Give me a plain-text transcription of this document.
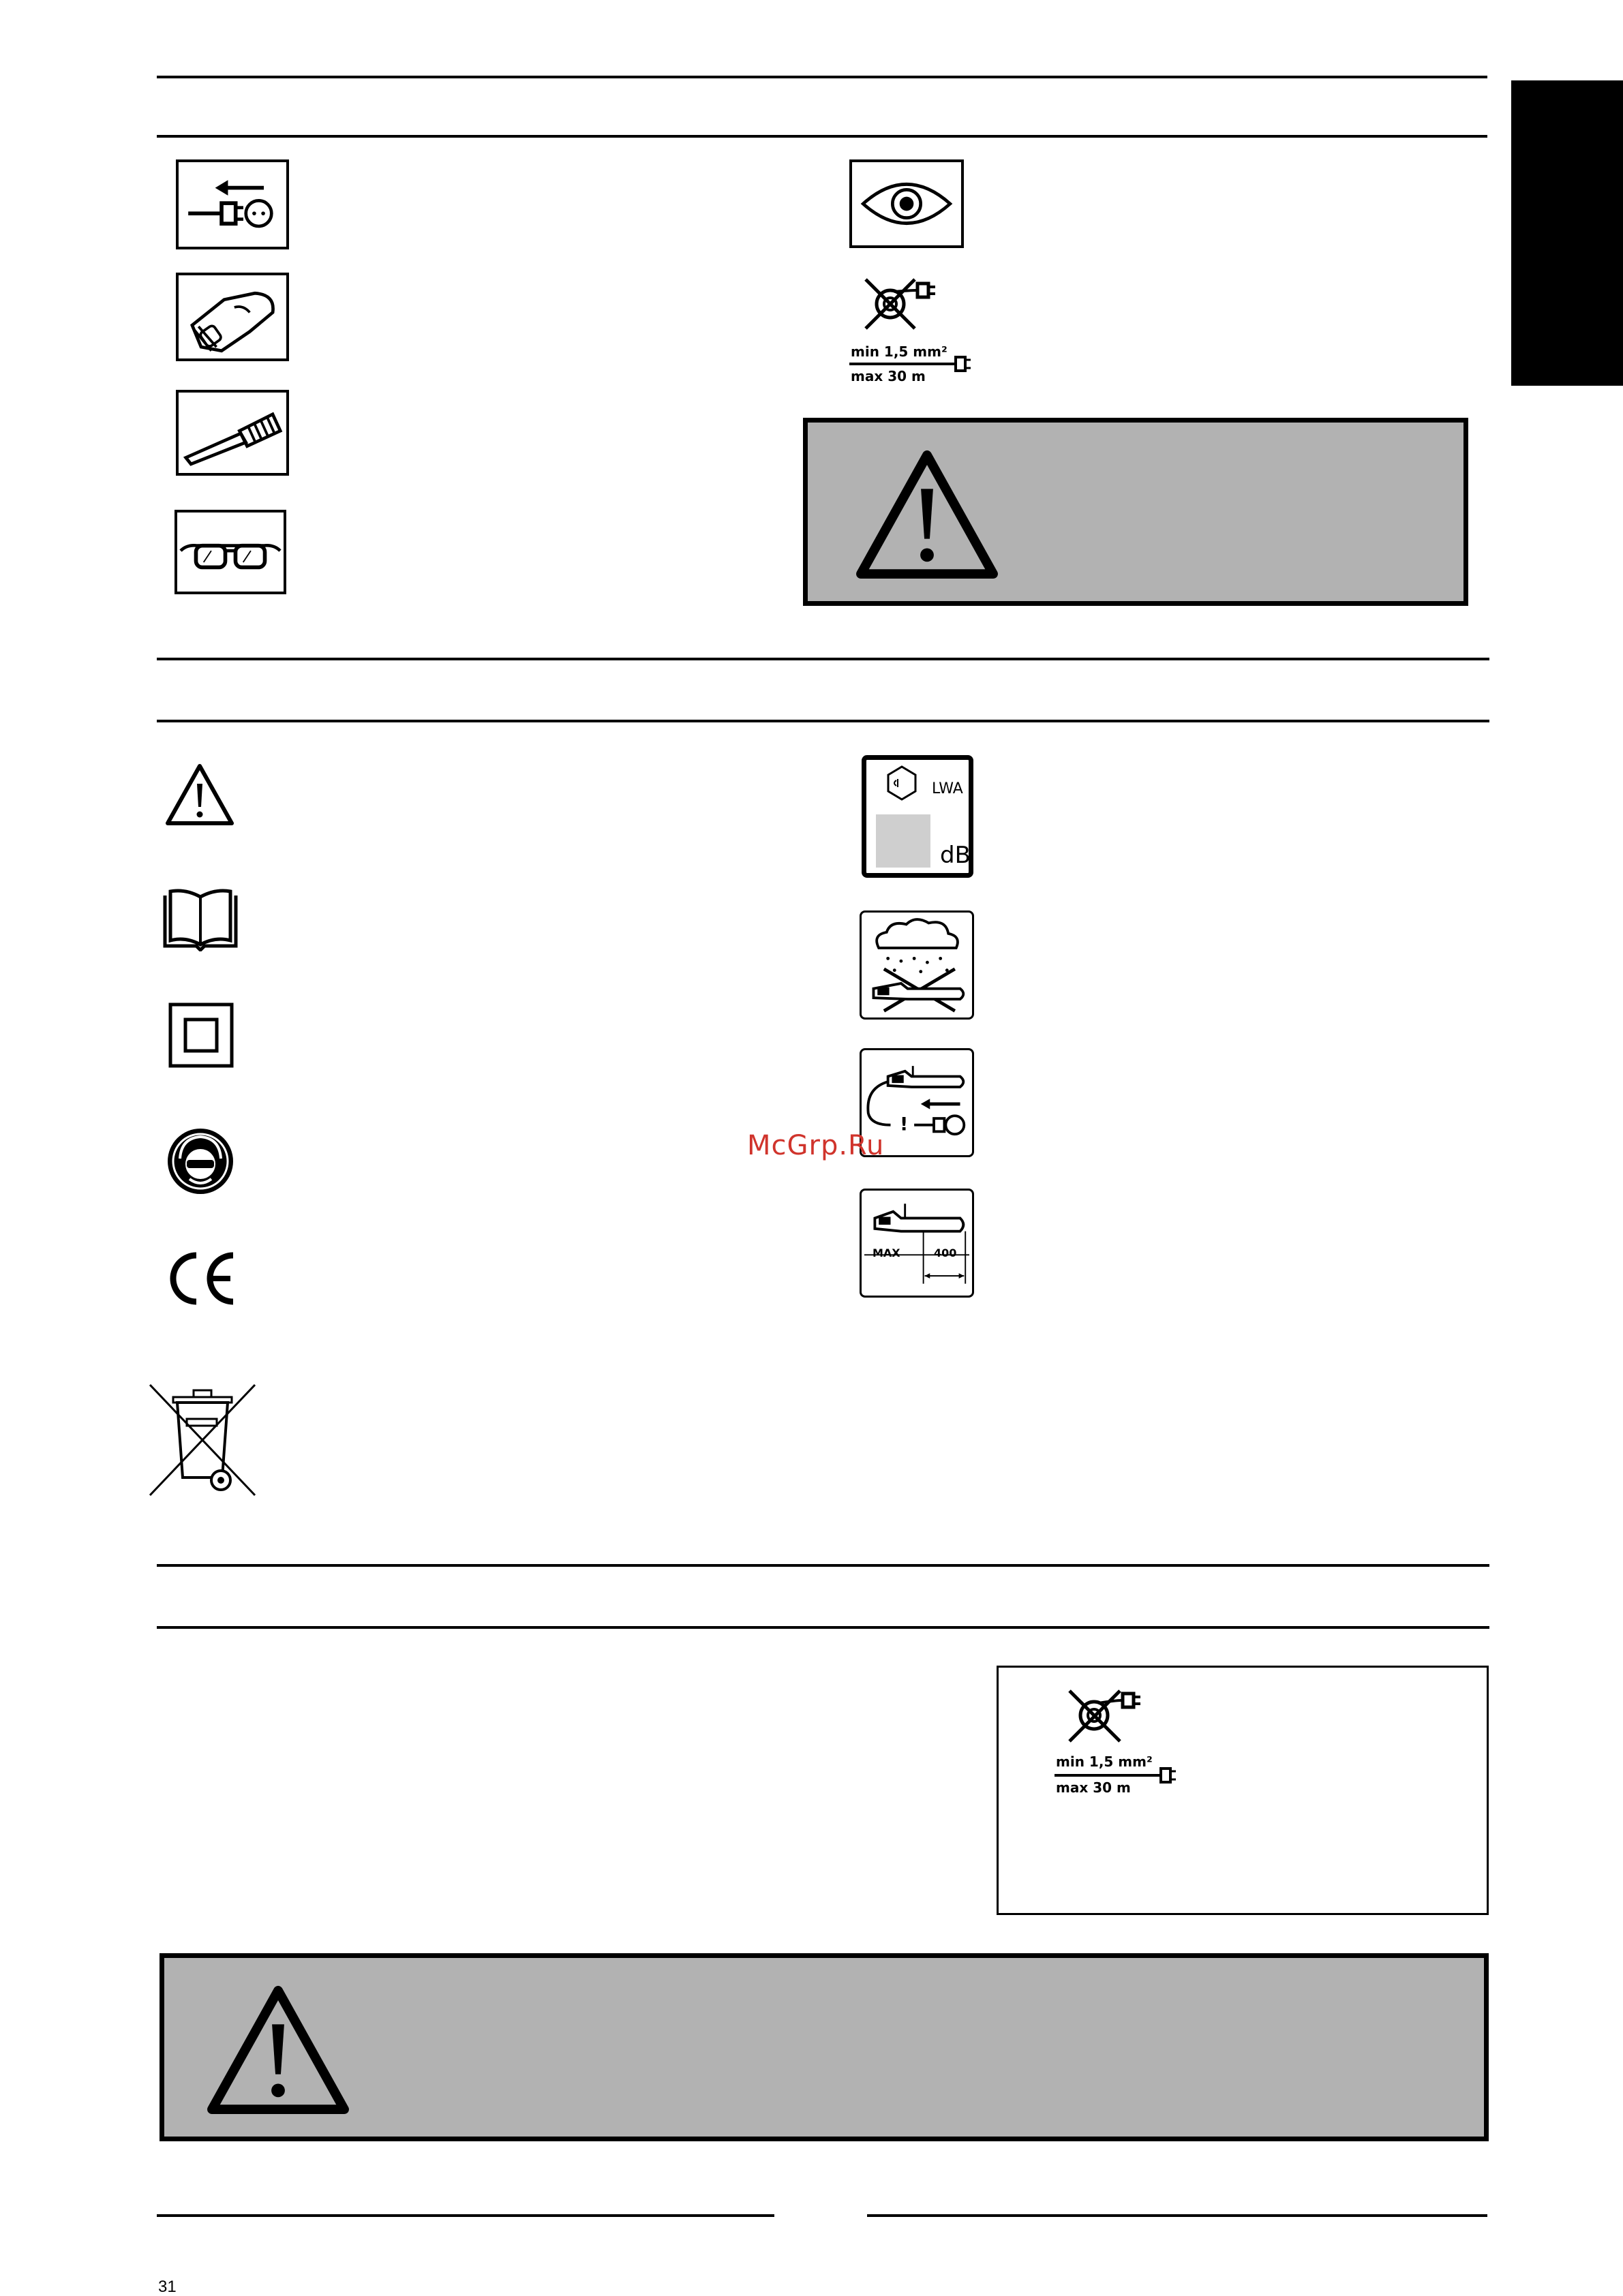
min 1,5 mm²
max 30 m
LWA
dB
!
MAX	400
McGrp.Ru
min 1,5 mm²
max 30 m
31
